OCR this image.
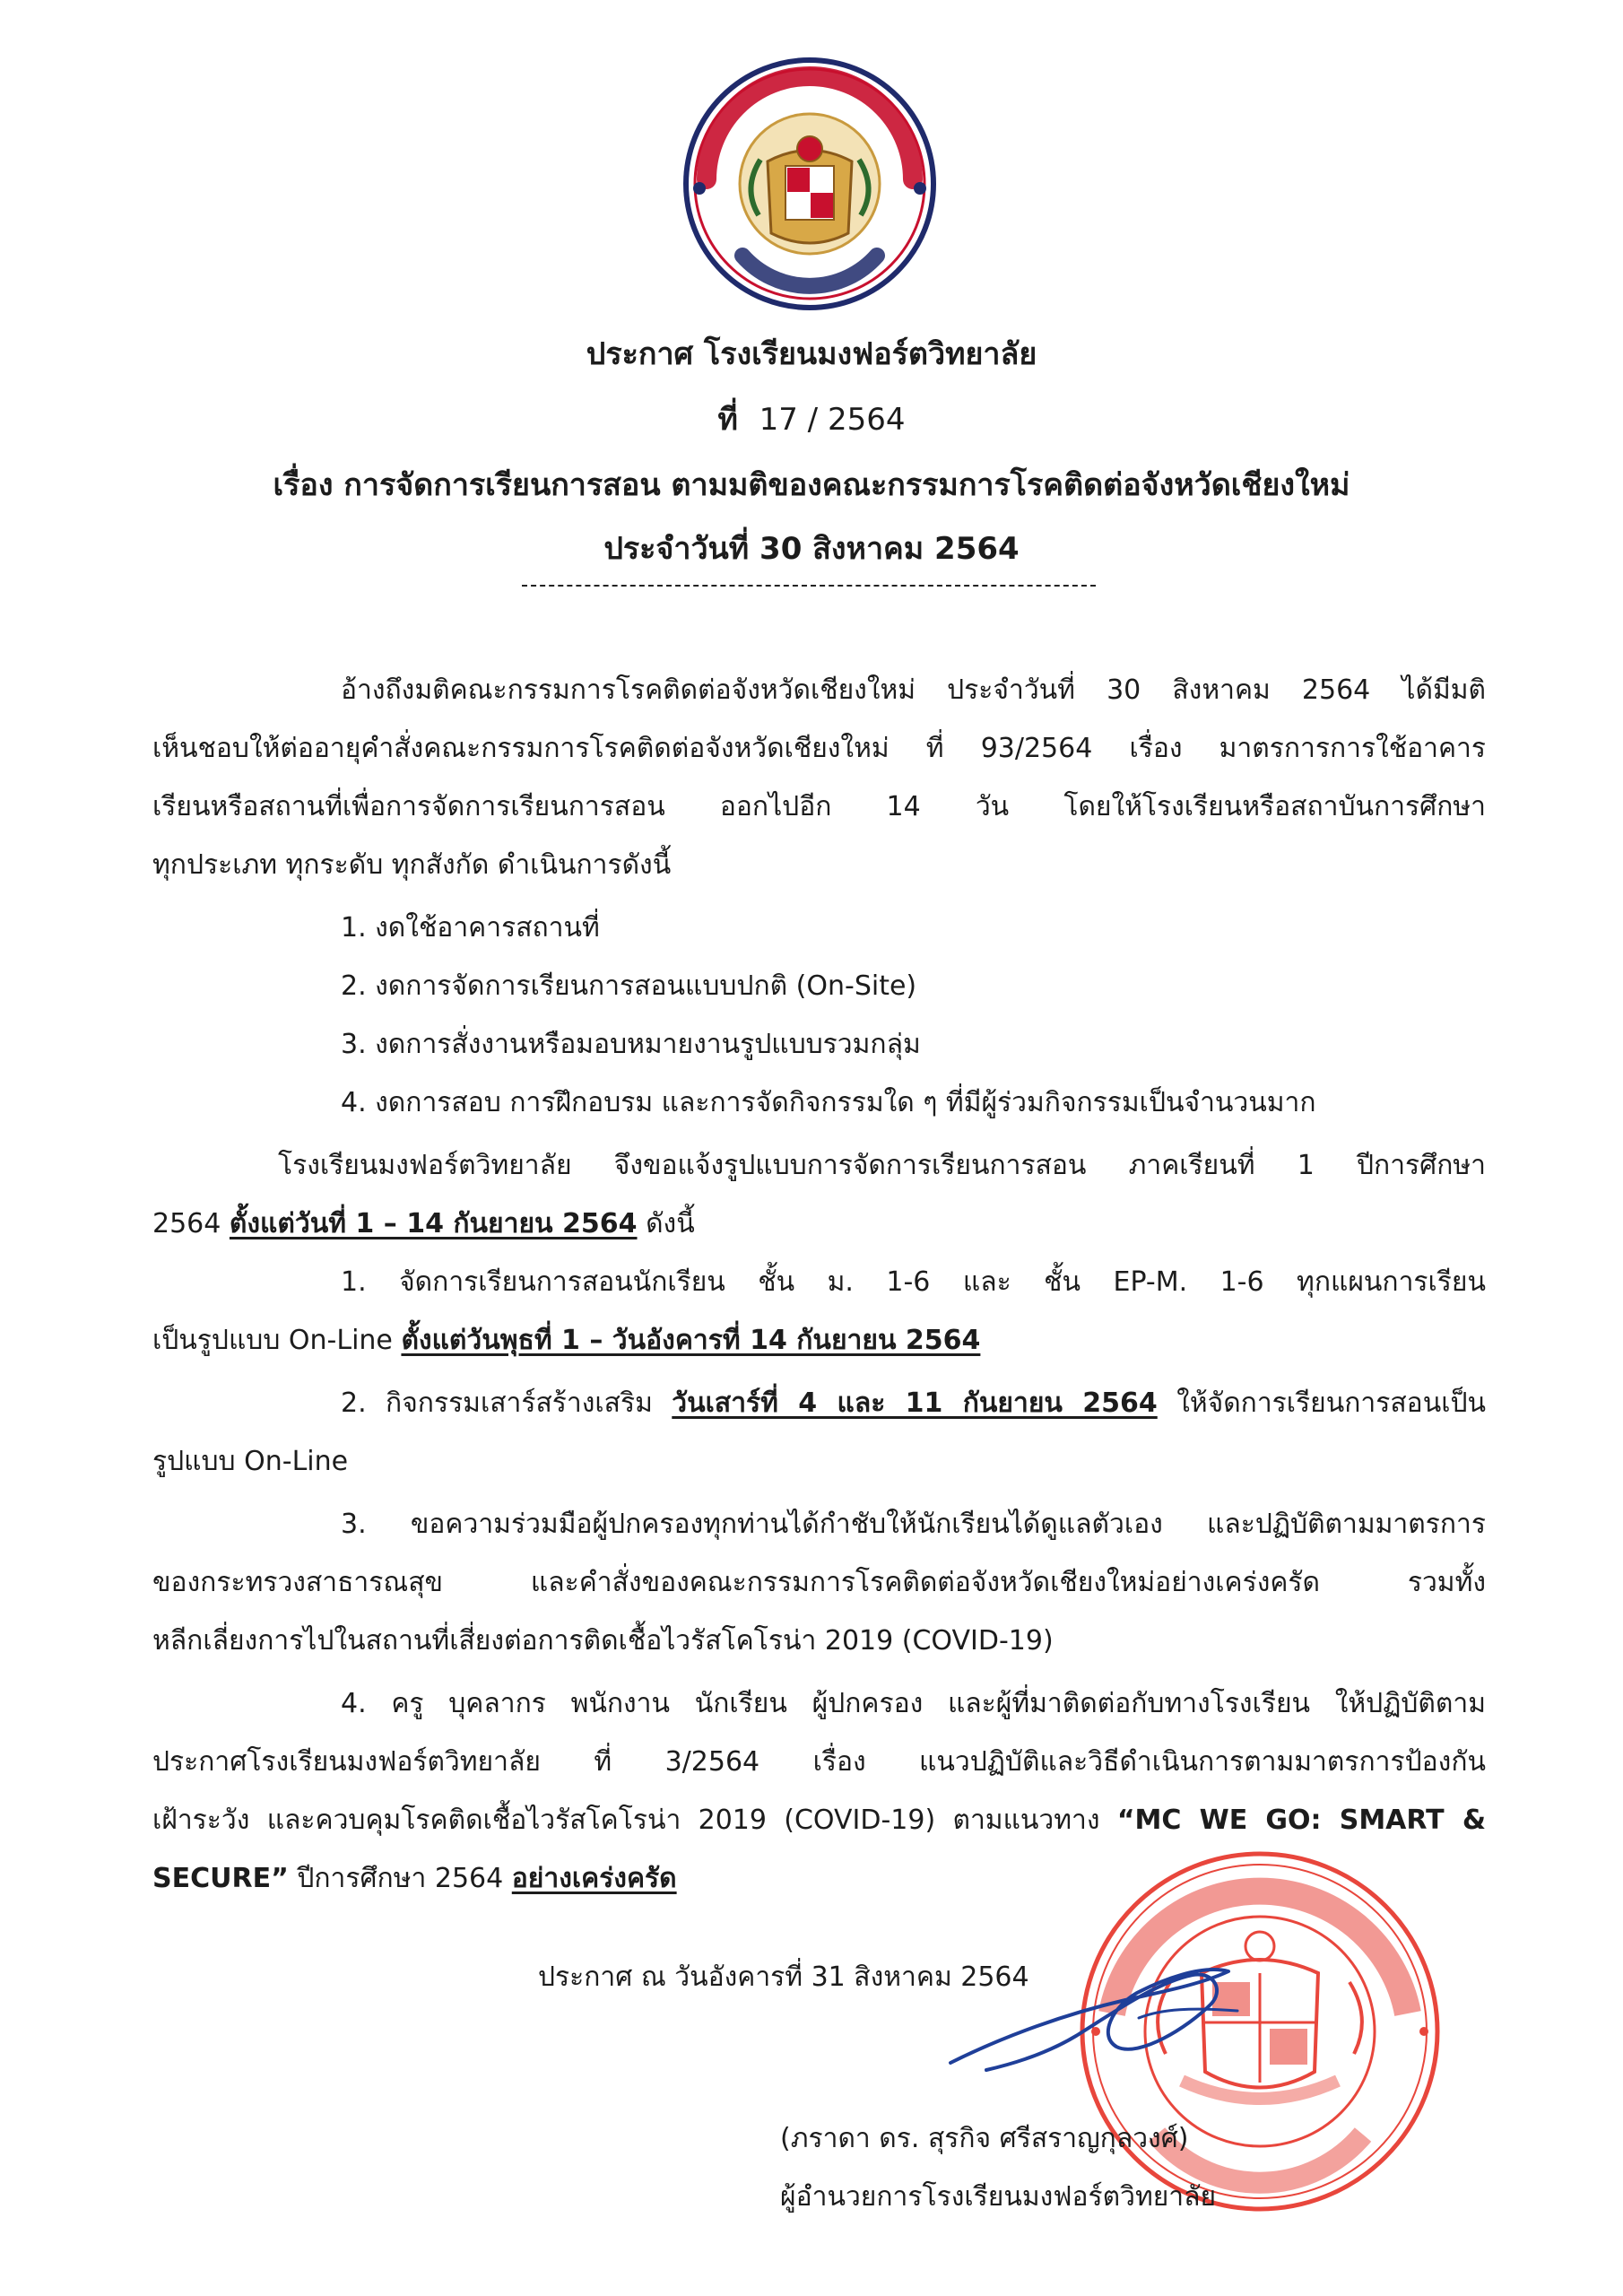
ประกาศ โรงเรียนมงฟอร์ตวิทยาลัย
ที่ 17 / 2564
เรื่อง การจัดการเรียนการสอน ตามมติของคณะกรรมการโรคติดต่อจังหวัดเชียงใหม่
ประจำวันที่ 30 สิงหาคม 2564
อ้างถึงมติคณะกรรมการโรคติดต่อจังหวัดเชียงใหม่ ประจำวันที่ 30 สิงหาคม 2564 ได้มีมติ
เห็นชอบให้ต่ออายุคำสั่งคณะกรรมการโรคติดต่อจังหวัดเชียงใหม่ ที่ 93/2564 เรื่อง มาตรการการใช้อาคาร
เรียนหรือสถานที่เพื่อการจัดการเรียนการสอน ออกไปอีก 14 วัน โดยให้โรงเรียนหรือสถาบันการศึกษา
ทุกประเภท ทุกระดับ ทุกสังกัด ดำเนินการดังนี้
1. งดใช้อาคารสถานที่
2. งดการจัดการเรียนการสอนแบบปกติ (On-Site)
3. งดการสั่งงานหรือมอบหมายงานรูปแบบรวมกลุ่ม
4. งดการสอบ การฝึกอบรม และการจัดกิจกรรมใด ๆ ที่มีผู้ร่วมกิจกรรมเป็นจำนวนมาก
โรงเรียนมงฟอร์ตวิทยาลัย จึงขอแจ้งรูปแบบการจัดการเรียนการสอน ภาคเรียนที่ 1 ปีการศึกษา
2564 ตั้งแต่วันที่ 1 – 14 กันยายน 2564 ดังนี้
1. จัดการเรียนการสอนนักเรียน ชั้น ม. 1-6 และ ชั้น EP-M. 1-6 ทุกแผนการเรียน
เป็นรูปแบบ On-Line ตั้งแต่วันพุธที่ 1 – วันอังคารที่ 14 กันยายน 2564
2. กิจกรรมเสาร์สร้างเสริม วันเสาร์ที่ 4 และ 11 กันยายน 2564 ให้จัดการเรียนการสอนเป็น
รูปแบบ On-Line
3. ขอความร่วมมือผู้ปกครองทุกท่านได้กำชับให้นักเรียนได้ดูแลตัวเอง และปฏิบัติตามมาตรการ
ของกระทรวงสาธารณสุข และคำสั่งของคณะกรรมการโรคติดต่อจังหวัดเชียงใหม่อย่างเคร่งครัด รวมทั้ง
หลีกเลี่ยงการไปในสถานที่เสี่ยงต่อการติดเชื้อไวรัสโคโรน่า 2019 (COVID-19)
4. ครู บุคลากร พนักงาน นักเรียน ผู้ปกครอง และผู้ที่มาติดต่อกับทางโรงเรียน ให้ปฏิบัติตาม
ประกาศโรงเรียนมงฟอร์ตวิทยาลัย ที่ 3/2564 เรื่อง แนวปฏิบัติและวิธีดำเนินการตามมาตรการป้องกัน
เฝ้าระวัง และควบคุมโรคติดเชื้อไวรัสโคโรน่า 2019 (COVID-19) ตามแนวทาง “MC WE GO: SMART &
SECURE” ปีการศึกษา 2564 อย่างเคร่งครัด
ประกาศ ณ วันอังคารที่ 31 สิงหาคม 2564
(ภราดา ดร. สุรกิจ ศรีสราญกุลวงศ์)
ผู้อำนวยการโรงเรียนมงฟอร์ตวิทยาลัย
